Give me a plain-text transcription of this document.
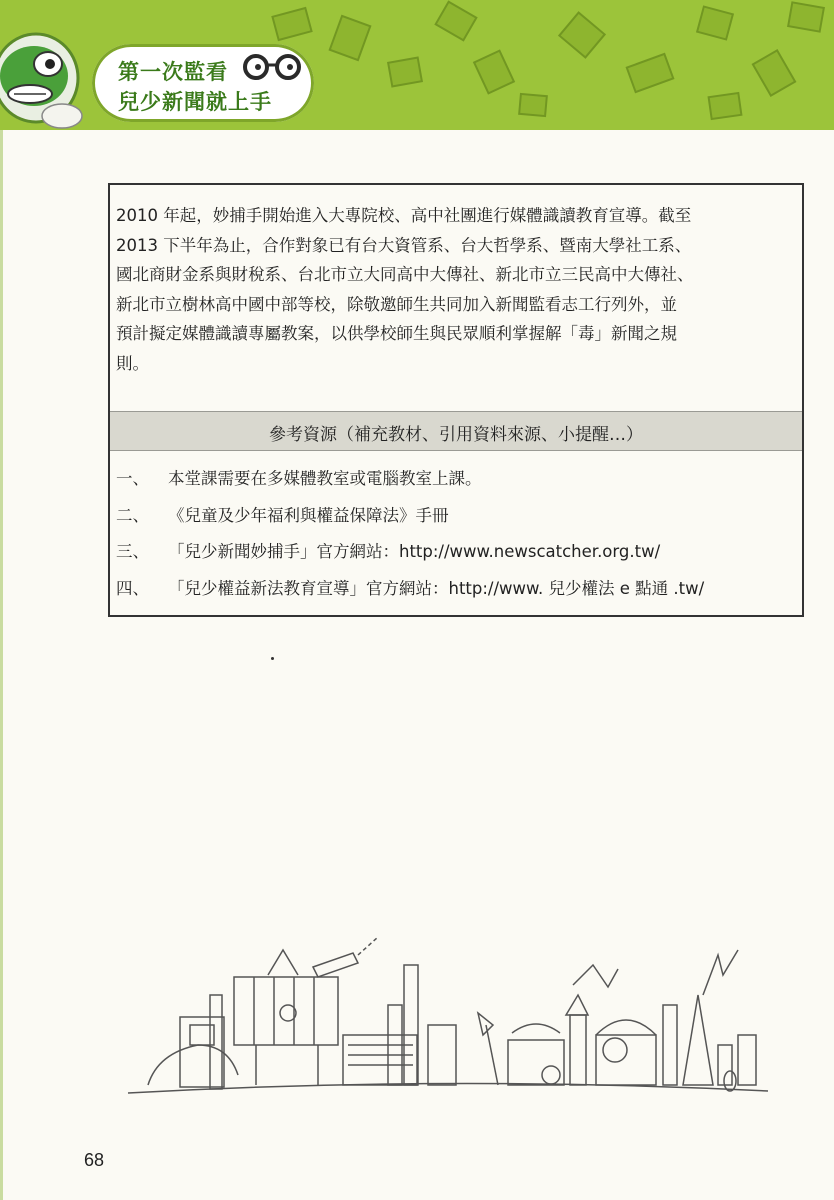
第一次監看
兒少新聞就上手

2010 年起，妙捕手開始進入大專院校、高中社團進行媒體識讀教育宣導。截至
2013 下半年為止，合作對象已有台大資管系、台大哲學系、暨南大學社工系、
國北商財金系與財稅系、台北市立大同高中大傳社、新北市立三民高中大傳社、
新北市立樹林高中國中部等校，除敬邀師生共同加入新聞監看志工行列外，並
預計擬定媒體識讀專屬教案，以供學校師生與民眾順利掌握解「毒」新聞之規
則。

參考資源（補充教材、引用資料來源、小提醒…）
一、 本堂課需要在多媒體教室或電腦教室上課。
二、 《兒童及少年福利與權益保障法》手冊
三、 「兒少新聞妙捕手」官方網站：http://www.newscatcher.org.tw/
四、 「兒少權益新法教育宣導」官方網站：http://www. 兒少權法 e 點通 .tw/
68
